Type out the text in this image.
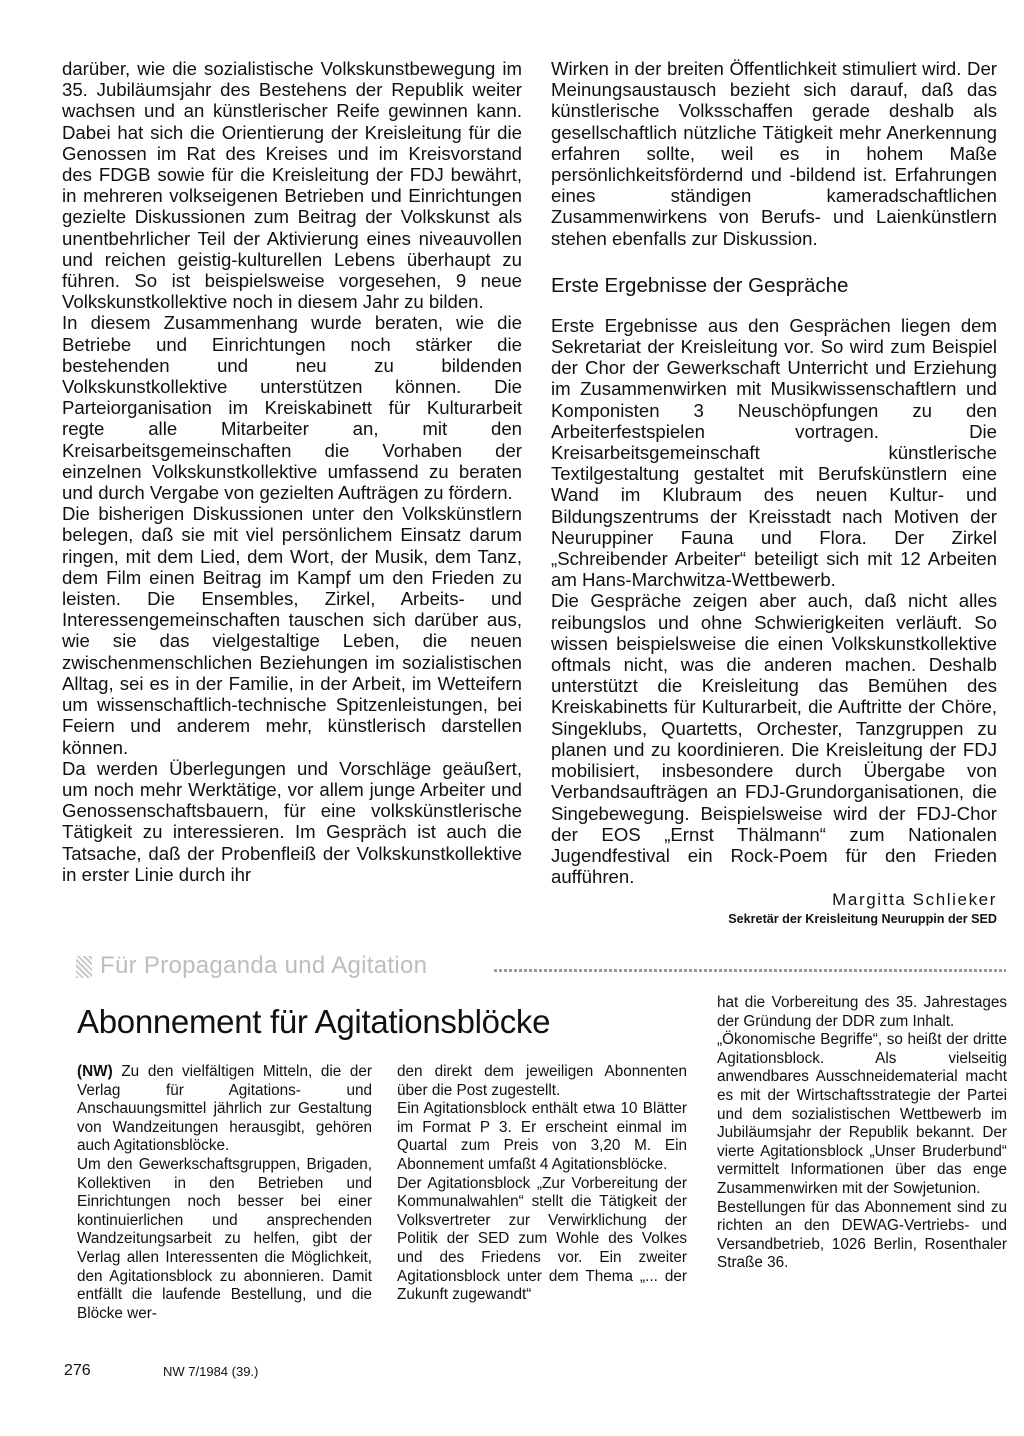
darüber, wie die sozialistische Volkskunstbewegung im 35. Jubiläumsjahr des Bestehens der Republik weiter wachsen und an künstlerischer Reife gewinnen kann. Dabei hat sich die Orientierung der Kreisleitung für die Genossen im Rat des Kreises und im Kreisvorstand des FDGB sowie für die Kreisleitung der FDJ bewährt, in mehreren volkseigenen Betrieben und Einrichtungen gezielte Diskussionen zum Beitrag der Volkskunst als unentbehrlicher Teil der Aktivierung eines niveauvollen und reichen geistig-kulturellen Lebens überhaupt zu führen. So ist beispielsweise vorgesehen, 9 neue Volkskunstkollektive noch in diesem Jahr zu bilden.

In diesem Zusammenhang wurde beraten, wie die Betriebe und Einrichtungen noch stärker die bestehenden und neu zu bildenden Volkskunstkollektive unterstützen können. Die Parteiorganisation im Kreiskabinett für Kulturarbeit regte alle Mitarbeiter an, mit den Kreisarbeitsgemeinschaften die Vorhaben der einzelnen Volkskunstkollektive umfassend zu beraten und durch Vergabe von gezielten Aufträgen zu fördern.

Die bisherigen Diskussionen unter den Volkskünstlern belegen, daß sie mit viel persönlichem Einsatz darum ringen, mit dem Lied, dem Wort, der Musik, dem Tanz, dem Film einen Beitrag im Kampf um den Frieden zu leisten. Die Ensembles, Zirkel, Arbeits- und Interessengemeinschaften tauschen sich darüber aus, wie sie das vielgestaltige Leben, die neuen zwischenmenschlichen Beziehungen im sozialistischen Alltag, sei es in der Familie, in der Arbeit, im Wetteifern um wissenschaftlich-technische Spitzenleistungen, bei Feiern und anderem mehr, künstlerisch darstellen können.

Da werden Überlegungen und Vorschläge geäußert, um noch mehr Werktätige, vor allem junge Arbeiter und Genossenschaftsbauern, für eine volkskünstlerische Tätigkeit zu interessieren. Im Gespräch ist auch die Tatsache, daß der Probenfleiß der Volkskunstkollektive in erster Linie durch ihr

Wirken in der breiten Öffentlichkeit stimuliert wird. Der Meinungsaustausch bezieht sich darauf, daß das künstlerische Volksschaffen gerade deshalb als gesellschaftlich nützliche Tätigkeit mehr Anerkennung erfahren sollte, weil es in hohem Maße persönlichkeitsfördernd und -bildend ist. Erfahrungen eines ständigen kameradschaftlichen Zusammenwirkens von Berufs- und Laienkünstlern stehen ebenfalls zur Diskussion.

Erste Ergebnisse der Gespräche

Erste Ergebnisse aus den Gesprächen liegen dem Sekretariat der Kreisleitung vor. So wird zum Beispiel der Chor der Gewerkschaft Unterricht und Erziehung im Zusammenwirken mit Musikwissenschaftlern und Komponisten 3 Neuschöpfungen zu den Arbeiterfestspielen vortragen. Die Kreisarbeitsgemeinschaft künstlerische Textilgestaltung gestaltet mit Berufskünstlern eine Wand im Klubraum des neuen Kultur- und Bildungszentrums der Kreisstadt nach Motiven der Neuruppiner Fauna und Flora. Der Zirkel „Schreibender Arbeiter“ beteiligt sich mit 12 Arbeiten am Hans-Marchwitza-Wettbewerb.

Die Gespräche zeigen aber auch, daß nicht alles reibungslos und ohne Schwierigkeiten verläuft. So wissen beispielsweise die einen Volkskunstkollektive oftmals nicht, was die anderen machen. Deshalb unterstützt die Kreisleitung das Bemühen des Kreiskabinetts für Kulturarbeit, die Auftritte der Chöre, Singeklubs, Quartetts, Orchester, Tanzgruppen zu planen und zu koordinieren. Die Kreisleitung der FDJ mobilisiert, insbesondere durch Übergabe von Verbandsaufträgen an FDJ-Grundorganisationen, die Singebewegung. Beispielsweise wird der FDJ-Chor der EOS „Ernst Thälmann“ zum Nationalen Jugendfestival ein Rock-Poem für den Frieden aufführen.

Margitta Schlieker
Sekretär der Kreisleitung Neuruppin der SED
Für Propaganda und Agitation
Abonnement für Agitationsblöcke

(NW) Zu den vielfältigen Mitteln, die der Verlag für Agitations- und Anschauungsmittel jährlich zur Gestaltung von Wandzeitungen herausgibt, gehören auch Agitationsblöcke.

Um den Gewerkschaftsgruppen, Brigaden, Kollektiven in den Betrieben und Einrichtungen noch besser bei einer kontinuierlichen und ansprechenden Wandzeitungsarbeit zu helfen, gibt der Verlag allen Interessenten die Möglichkeit, den Agitationsblock zu abonnieren. Damit entfällt die laufende Bestellung, und die Blöcke wer-

den direkt dem jeweiligen Abonnenten über die Post zugestellt.

Ein Agitationsblock enthält etwa 10 Blätter im Format P 3. Er erscheint einmal im Quartal zum Preis von 3,20 M. Ein Abonnement umfaßt 4 Agitationsblöcke.

Der Agitationsblock „Zur Vorbereitung der Kommunalwahlen“ stellt die Tätigkeit der Volksvertreter zur Verwirklichung der Politik der SED zum Wohle des Volkes und des Friedens vor. Ein zweiter Agitationsblock unter dem Thema „... der Zukunft zugewandt“

hat die Vorbereitung des 35. Jahrestages der Gründung der DDR zum Inhalt.

„Ökonomische Begriffe“, so heißt der dritte Agitationsblock. Als vielseitig anwendbares Ausschneidematerial macht es mit der Wirtschaftsstrategie der Partei und dem sozialistischen Wettbewerb im Jubiläumsjahr der Republik bekannt. Der vierte Agitationsblock „Unser Bruderbund“ vermittelt Informationen über das enge Zusammenwirken mit der Sowjetunion.

Bestellungen für das Abonnement sind zu richten an den DEWAG-Vertriebs- und Versandbetrieb, 1026 Berlin, Rosenthaler Straße 36.

276	NW 7/1984 (39.)
